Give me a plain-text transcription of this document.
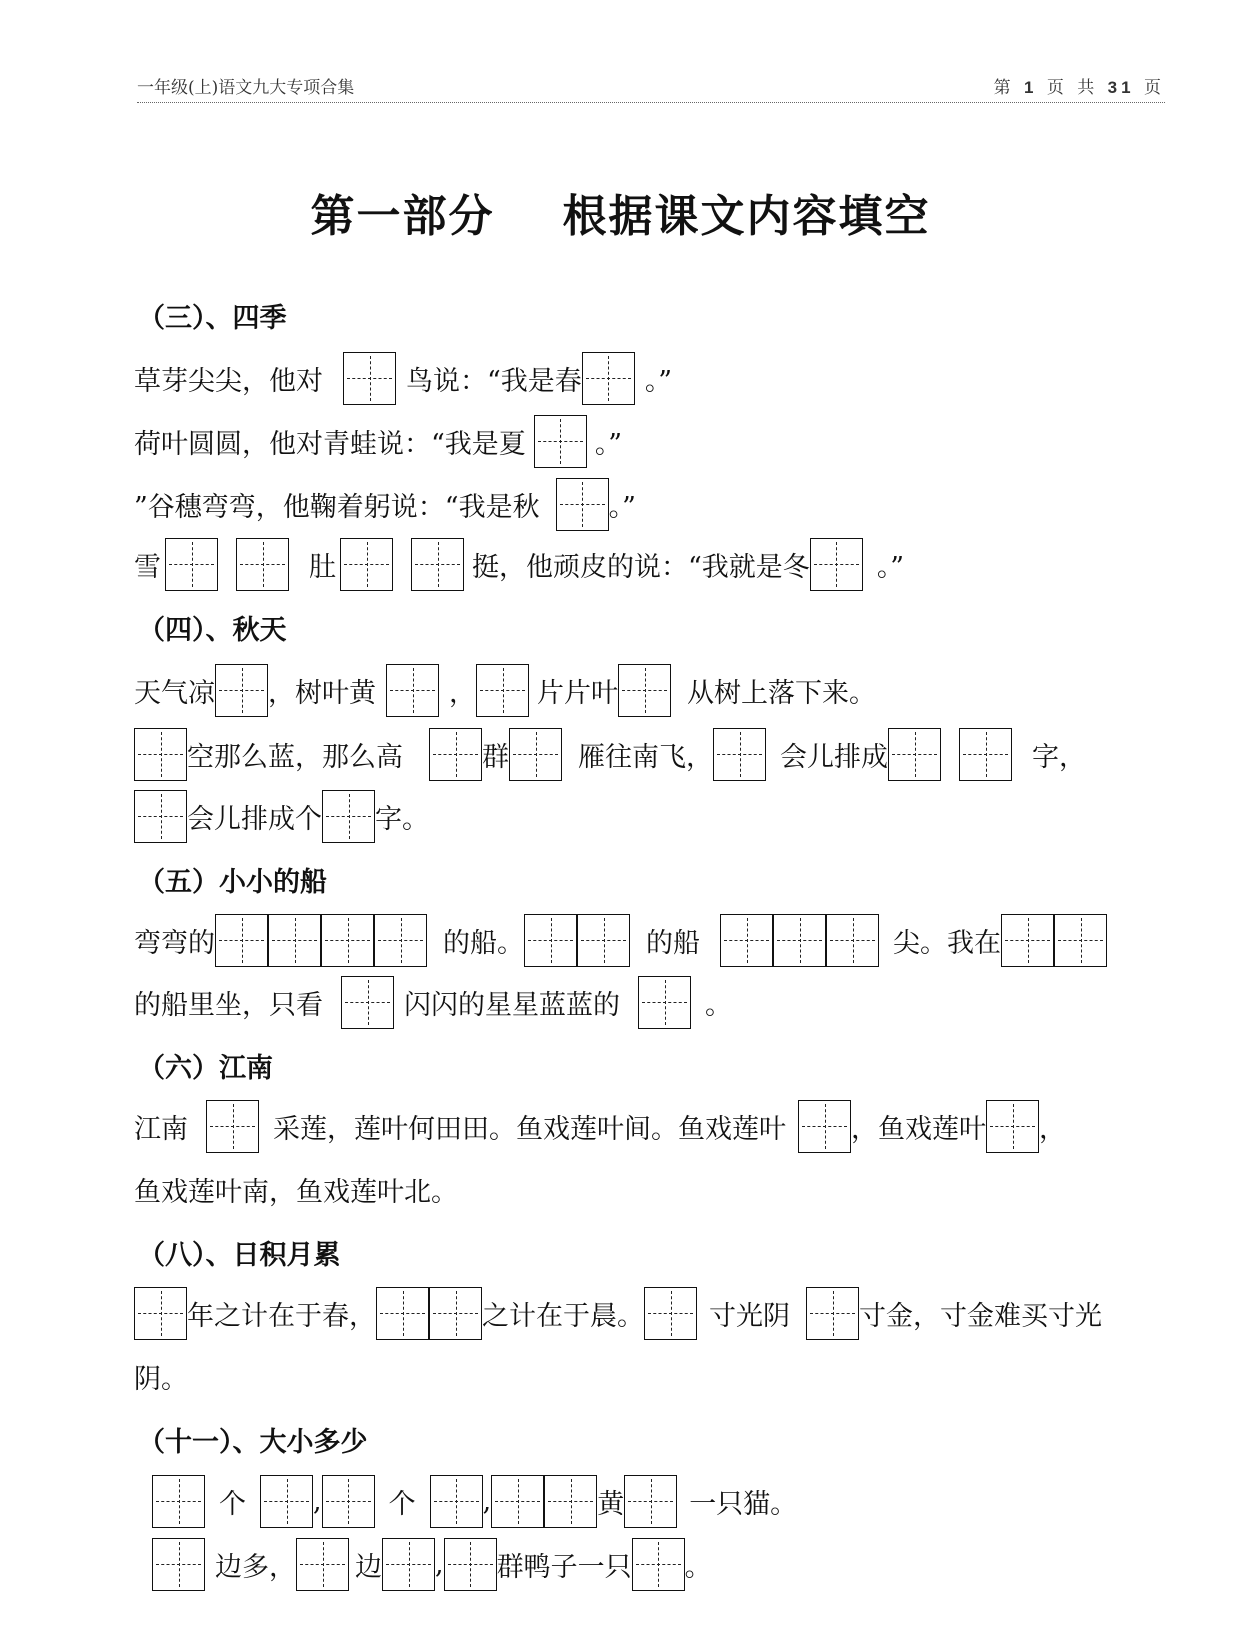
一年级(上)语文九大专项合集	第 1 页 共 31 页
第一部分 根据课文内容填空
（三）、四季
草芽尖尖，他对	鸟说：“我是春 。”
荷叶圆圆，他对青蛙说：“我是夏	。”
”谷穗弯弯，他鞠着躬说：“我是秋	。”
雪	肚	挺，他顽皮的说：“我就是冬 。”
（四）、秋天
天气凉 ，树叶黄	， 片片叶	从树上落下来。
空那么蓝，那么高	群	雁往南飞， 会儿排成	字，
会儿排成个 字。
（五）小小的船
弯弯的	的船。	的船	尖。我在
的船里坐，只看	闪闪的星星蓝蓝的	。
（六）江南
江南	采莲，莲叶何田田。鱼戏莲叶间。鱼戏莲叶 ，鱼戏莲叶 ，
鱼戏莲叶南，鱼戏莲叶北。
（八）、日积月累
年之计在于春，	之计在于晨。 寸光阴	寸金，寸金难买寸光
阴。
（十一）、大小多少
个 , 个 ,	黄 一只猫。
边多， 边 , 群鸭子一只 。
